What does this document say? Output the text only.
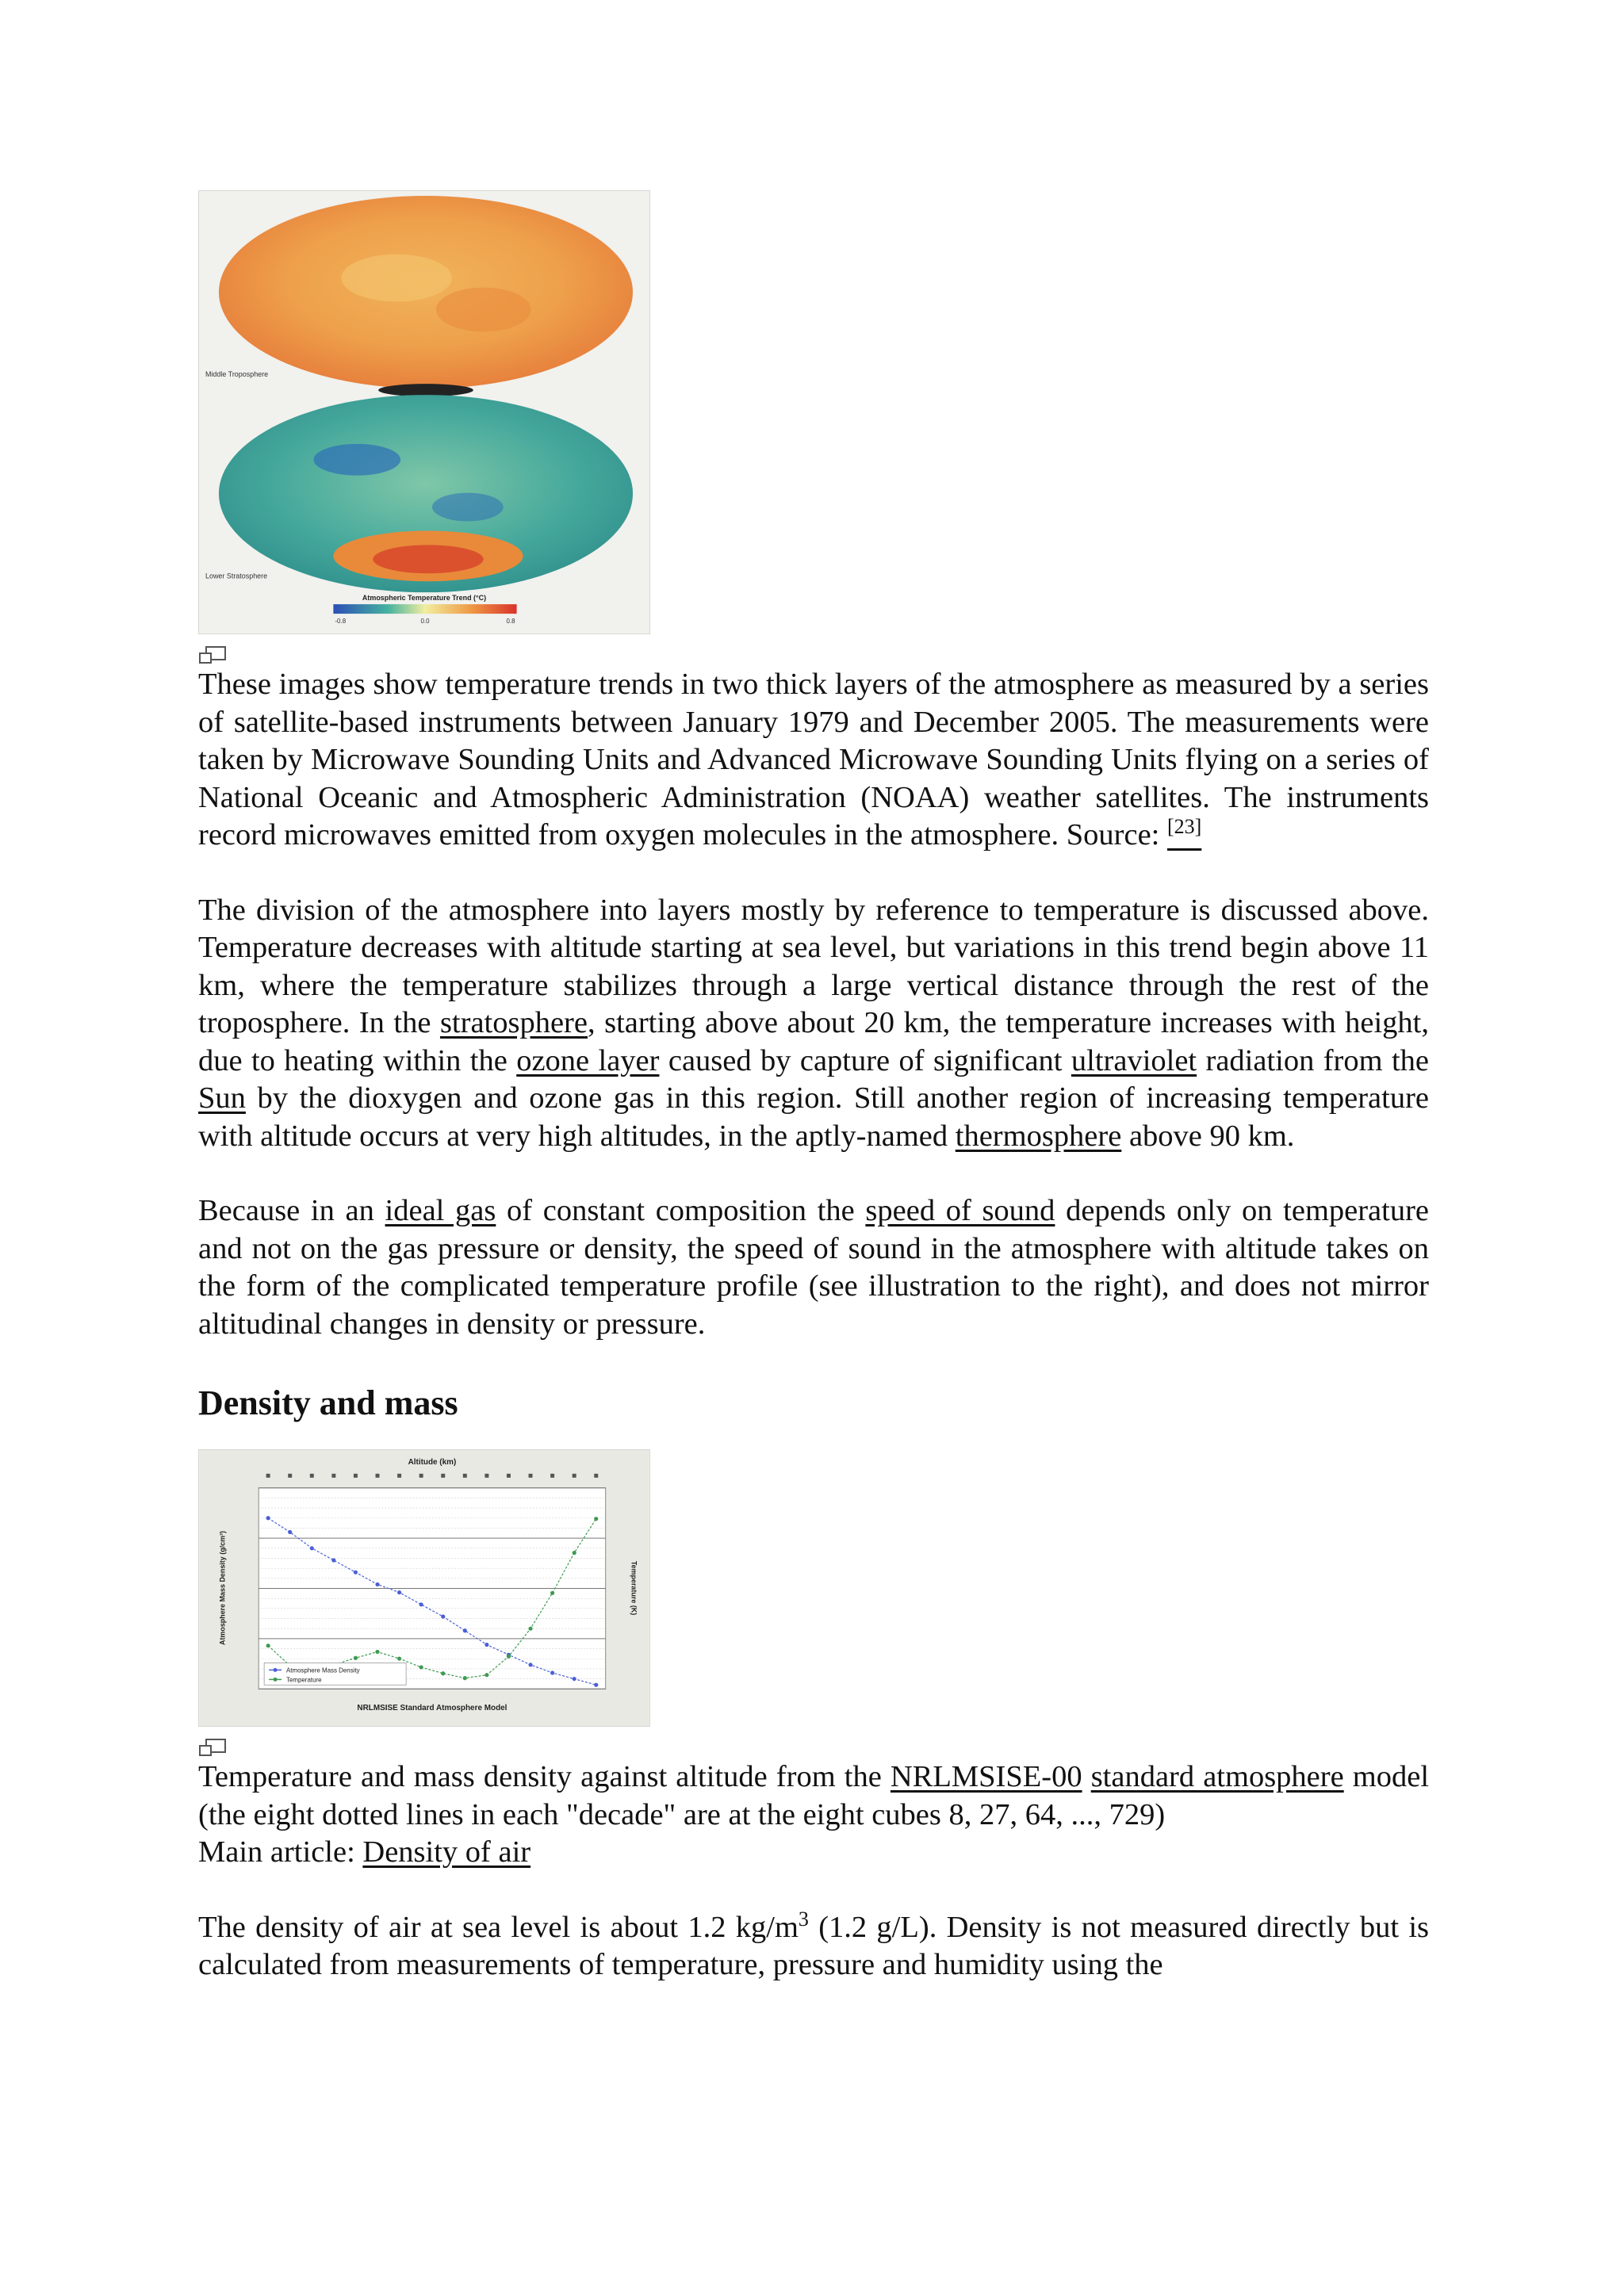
Middle Troposphere
Lower Stratosphere
Atmospheric Temperature Trend (°C)
-0.8	0.0	0.8

These images show temperature trends in two thick layers of the atmosphere as measured by a series of satellite-based instruments between January 1979 and December 2005. The measurements were taken by Microwave Sounding Units and Advanced Microwave Sounding Units flying on a series of National Oceanic and Atmospheric Administration (NOAA) weather satellites. The instruments record microwaves emitted from oxygen molecules in the atmosphere. Source: [23]

The division of the atmosphere into layers mostly by reference to temperature is discussed above. Temperature decreases with altitude starting at sea level, but variations in this trend begin above 11 km, where the temperature stabilizes through a large vertical distance through the rest of the troposphere. In the stratosphere, starting above about 20 km, the temperature increases with height, due to heating within the ozone layer caused by capture of significant ultraviolet radiation from the Sun by the dioxygen and ozone gas in this region. Still another region of increasing temperature with altitude occurs at very high altitudes, in the aptly-named thermosphere above 90 km.

Because in an ideal gas of constant composition the speed of sound depends only on temperature and not on the gas pressure or density, the speed of sound in the atmosphere with altitude takes on the form of the complicated temperature profile (see illustration to the right), and does not mirror altitudinal changes in density or pressure.

Density and mass
Altitude (km)
Atmosphere Mass Density (g/cm³)	Temperature (K)
Atmosphere Mass Density
Temperature
NRLMSISE Standard Atmosphere Model

Temperature and mass density against altitude from the NRLMSISE-00 standard atmosphere model (the eight dotted lines in each "decade" are at the eight cubes 8, 27, 64, ..., 729)
Main article: Density of air

The density of air at sea level is about 1.2 $kg/m^3$ (1.2 g/L). Density is not measured directly but is calculated from measurements of temperature, pressure and humidity using the
